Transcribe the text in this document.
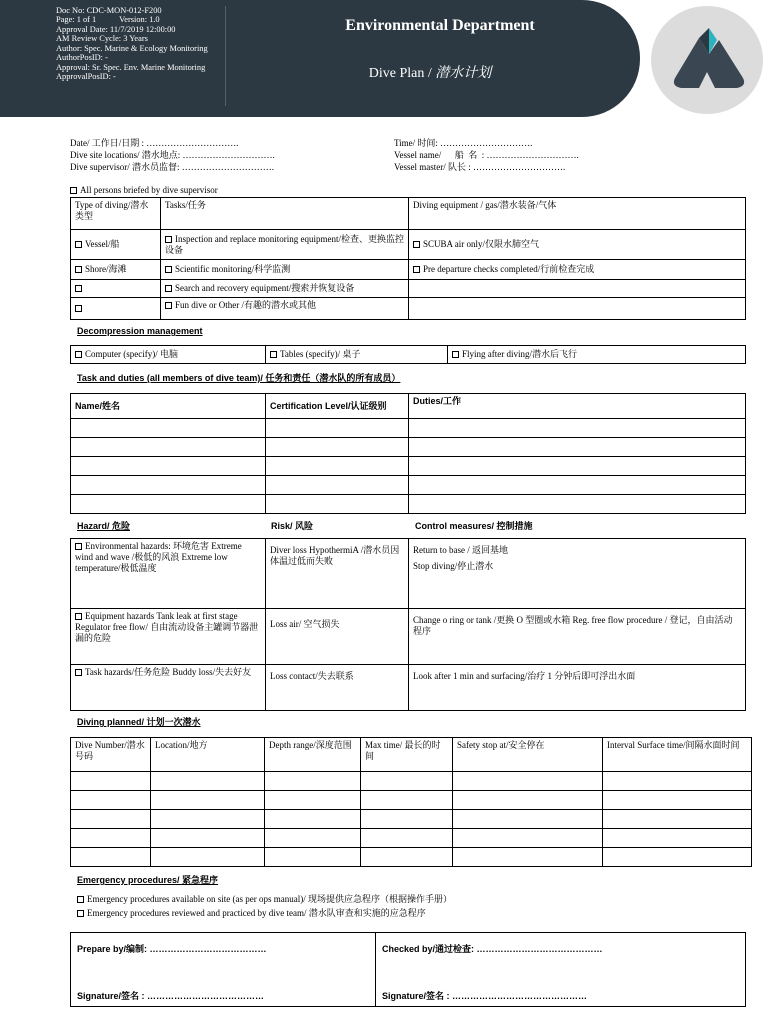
Doc No: CDC-MON-012-F200
Page: 1 of 1           Version: 1.0
Approval Date: 11/7/2019 12:00:00
AM Review Cycle: 3 Years
Author: Spec. Marine & Ecology Monitoring
AuthorPosID: -
Approval: Sr. Spec. Env. Marine Monitoring
ApprovalPosID: -
Environmental Department
Dive Plan / 潜水计划
Date/ 工作日/日期 : ………………………….
Dive site locations/ 潜水地点: ………………………….
Dive supervisor/ 潜水员监督: ………………………….
Time/ 时间: ………………………….
Vessel name/      船  名  : ………………………….
Vessel master/ 队长 : ………………………….
All persons briefed by dive supervisor
Type of diving/潜水类型	Tasks/任务	Diving equipment / gas/潜水装备/气体
Vessel/船	Inspection and replace monitoring equipment/检查、更换监控设备	SCUBA air only/仅限水肺空气
Shore/海滩	Scientific monitoring/科学监测	Pre departure checks completed/行前检查完成
	Search and recovery equipment/搜索并恢复设备	
	Fun dive or Other /有趣的潜水或其他	
Decompression management
Computer (specify)/ 电脑	Tables (specify)/ 桌子	Flying after diving/潜水后飞行
Task and duties (all members of dive team)/ 任务和责任（潜水队的所有成员）
Name/姓名	Certification Level/认证级别	Duties/工作

Hazard/ 危险	Risk/ 风险	Control measures/ 控制措施
Environmental hazards: 环境危害 Extreme wind and wave /极低的风浪 Extreme low temperature/极低温度	Diver loss HypothermiA /潜水员因体温过低而失败	Return to base / 返回基地
Stop diving/停止潜水

Equipment hazards Tank leak at first stage Regulator free flow/ 自由流动设备主罐调节器泄漏的危险	Loss air/ 空气损失	Change o ring or tank /更换 O 型圈或水箱 Reg. free flow procedure / 登记，自由活动程序
Task hazards/任务危险 Buddy loss/失去好友	Loss contact/失去联系	Look after 1 min and surfacing/治疗 1 分钟后即可浮出水面
Diving planned/ 计划一次潜水
Dive Number/潜水号码	Location/地方	Depth range/深度范围	Max time/ 最长的时间	Safety stop at/安全停在	Interval Surface time/间隔水面时间

Emergency procedures/ 紧急程序
Emergency procedures available on site (as per ops manual)/ 现场提供应急程序（根据操作手册）
Emergency procedures reviewed and practiced by dive team/ 潜水队审查和实施的应急程序
Prepare by/编制: …………………………………
Signature/签名 : …………………………………

Checked by/通过检查: ……………………………………
Signature/签名 : ………………………………………
